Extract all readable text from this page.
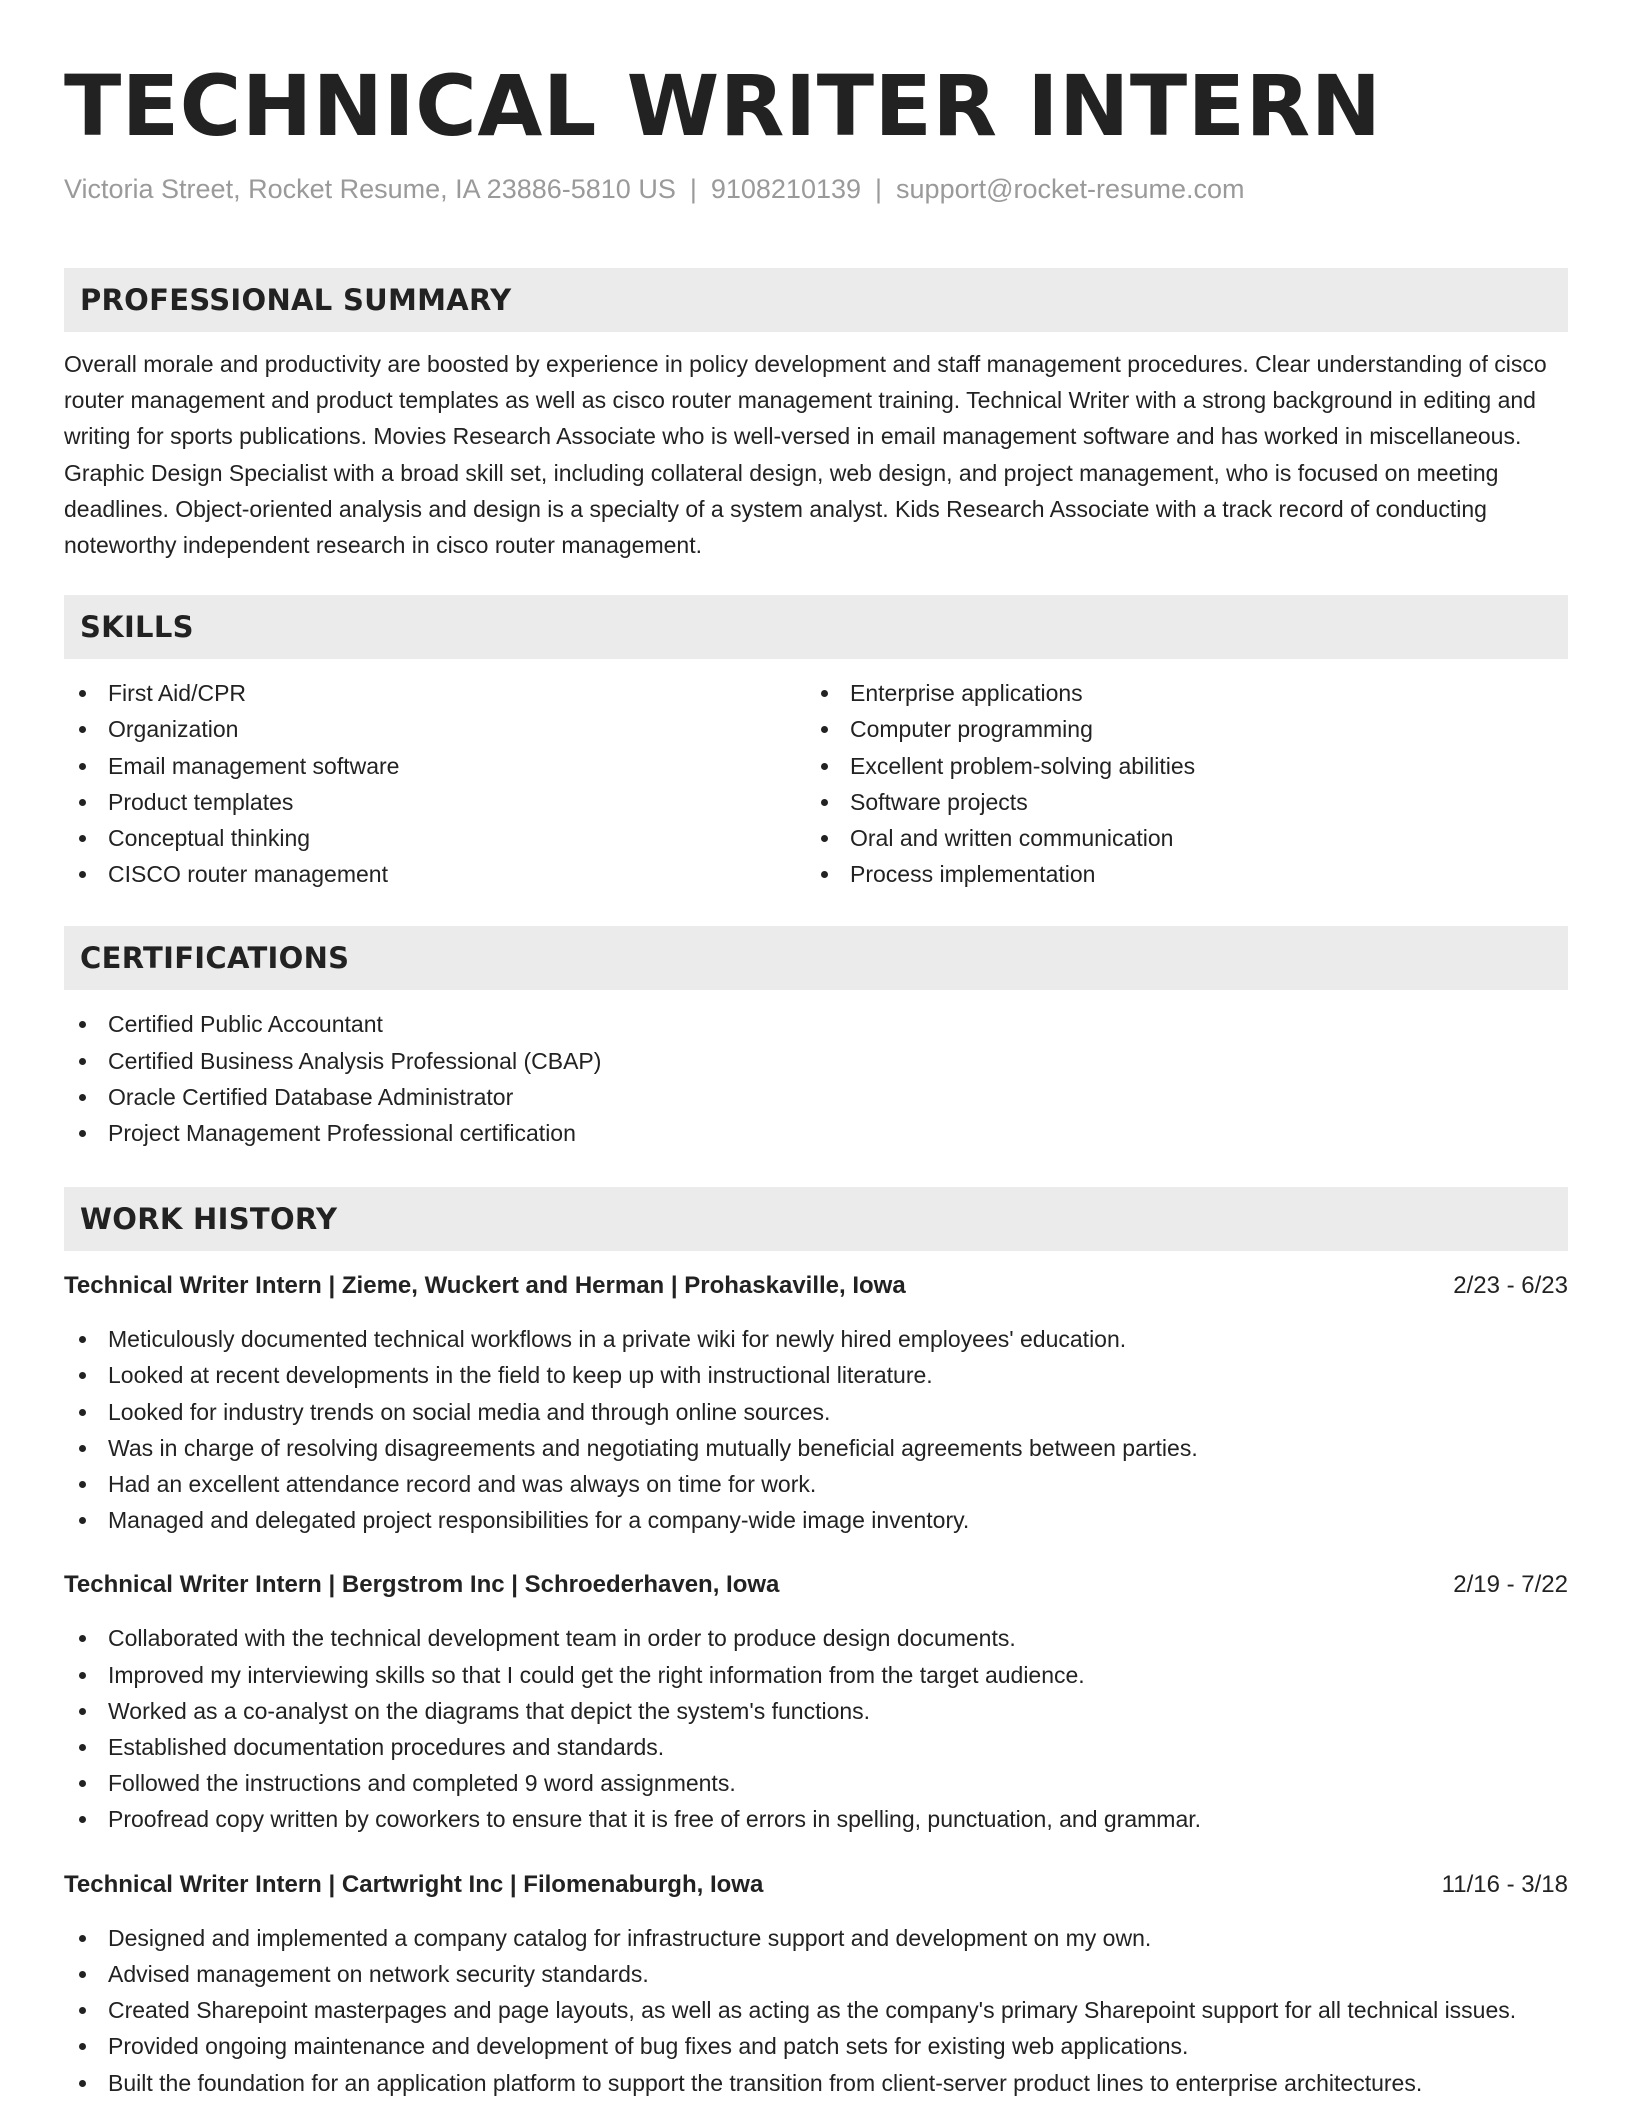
TECHNICAL WRITER INTERN
Victoria Street, Rocket Resume, IA 23886-5810 US | 9108210139 | support@rocket-resume.com
PROFESSIONAL SUMMARY

Overall morale and productivity are boosted by experience in policy development and staff management procedures. Clear understanding of cisco router management and product templates as well as cisco router management training. Technical Writer with a strong background in editing and writing for sports publications. Movies Research Associate who is well-versed in email management software and has worked in miscellaneous. Graphic Design Specialist with a broad skill set, including collateral design, web design, and project management, who is focused on meeting deadlines. Object-oriented analysis and design is a specialty of a system analyst. Kids Research Associate with a track record of conducting noteworthy independent research in cisco router management.

SKILLS
First Aid/CPR
Organization
Email management software
Product templates
Conceptual thinking
CISCO router management
Enterprise applications
Computer programming
Excellent problem-solving abilities
Software projects
Oral and written communication
Process implementation
CERTIFICATIONS
Certified Public Accountant
Certified Business Analysis Professional (CBAP)
Oracle Certified Database Administrator
Project Management Professional certification
WORK HISTORY
Technical Writer Intern | Zieme, Wuckert and Herman | Prohaskaville, Iowa	2/23 - 6/23
Meticulously documented technical workflows in a private wiki for newly hired employees' education.
Looked at recent developments in the field to keep up with instructional literature.
Looked for industry trends on social media and through online sources.
Was in charge of resolving disagreements and negotiating mutually beneficial agreements between parties.
Had an excellent attendance record and was always on time for work.
Managed and delegated project responsibilities for a company-wide image inventory.
Technical Writer Intern | Bergstrom Inc | Schroederhaven, Iowa	2/19 - 7/22
Collaborated with the technical development team in order to produce design documents.
Improved my interviewing skills so that I could get the right information from the target audience.
Worked as a co-analyst on the diagrams that depict the system's functions.
Established documentation procedures and standards.
Followed the instructions and completed 9 word assignments.
Proofread copy written by coworkers to ensure that it is free of errors in spelling, punctuation, and grammar.
Technical Writer Intern | Cartwright Inc | Filomenaburgh, Iowa	11/16 - 3/18
Designed and implemented a company catalog for infrastructure support and development on my own.
Advised management on network security standards.
Created Sharepoint masterpages and page layouts, as well as acting as the company's primary Sharepoint support for all technical issues.
Provided ongoing maintenance and development of bug fixes and patch sets for existing web applications.
Built the foundation for an application platform to support the transition from client-server product lines to enterprise architectures.
